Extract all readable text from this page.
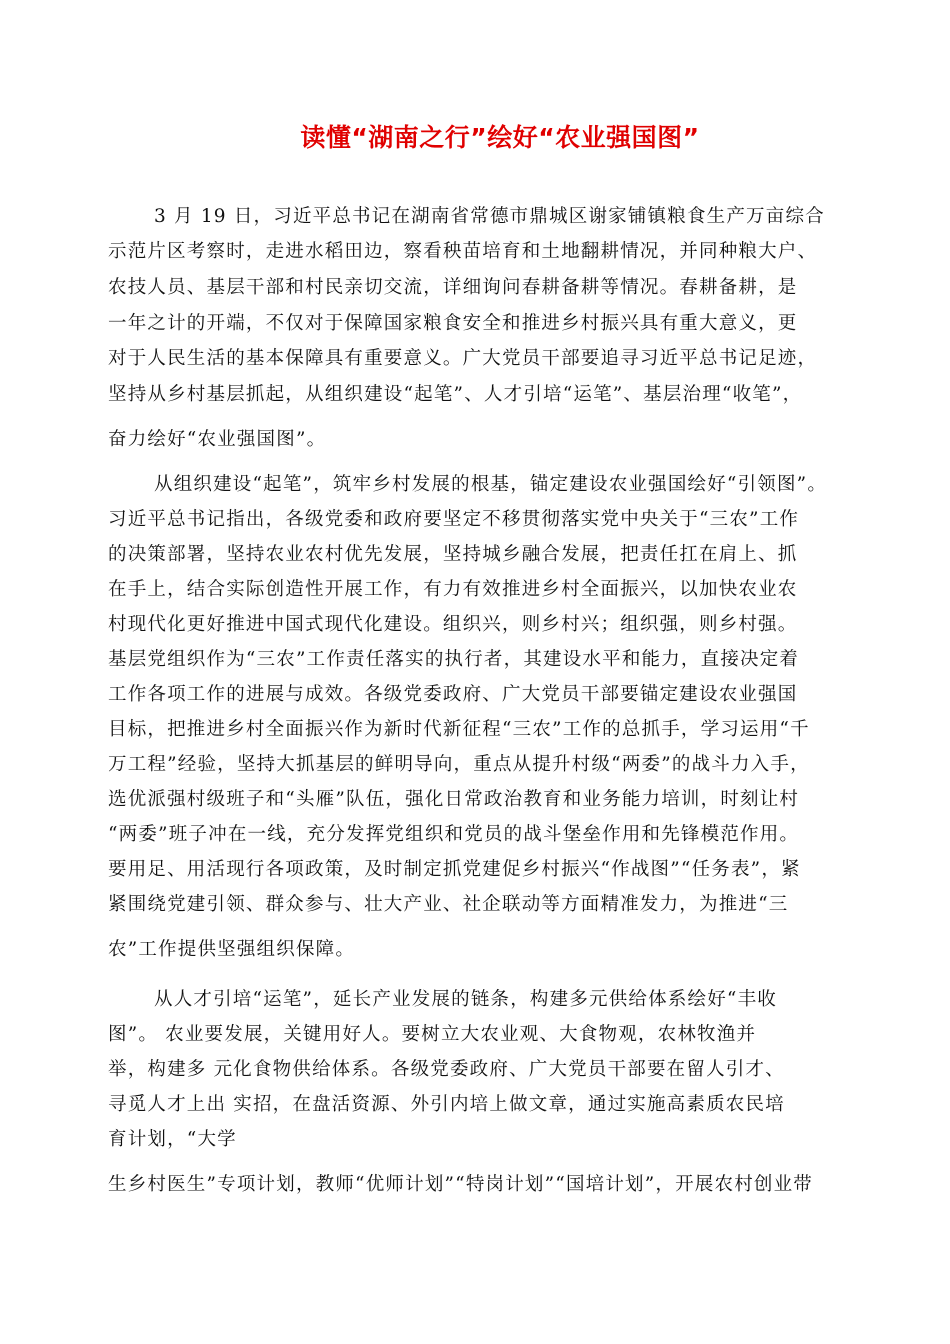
读懂“湖南之行”绘好“农业强国图”
3 月 19 日，习近平总书记在湖南省常德市鼎城区谢家铺镇粮食生产万亩综合
示范片区考察时，走进水稻田边，察看秧苗培育和土地翻耕情况，并同种粮大户、
农技人员、基层干部和村民亲切交流，详细询问春耕备耕等情况。春耕备耕，是
一年之计的开端，不仅对于保障国家粮食安全和推进乡村振兴具有重大意义，更
对于人民生活的基本保障具有重要意义。广大党员干部要追寻习近平总书记足迹，
坚持从乡村基层抓起，从组织建设“起笔”、人才引培“运笔”、基层治理“收笔”，
奋力绘好“农业强国图”。
从组织建设“起笔”，筑牢乡村发展的根基，锚定建设农业强国绘好“引领图”。
习近平总书记指出，各级党委和政府要坚定不移贯彻落实党中央关于“三农”工作
的决策部署，坚持农业农村优先发展，坚持城乡融合发展，把责任扛在肩上、抓
在手上，结合实际创造性开展工作，有力有效推进乡村全面振兴，以加快农业农
村现代化更好推进中国式现代化建设。组织兴，则乡村兴；组织强，则乡村强。
基层党组织作为“三农”工作责任落实的执行者，其建设水平和能力，直接决定着
工作各项工作的进展与成效。各级党委政府、广大党员干部要锚定建设农业强国
目标，把推进乡村全面振兴作为新时代新征程“三农”工作的总抓手，学习运用“千
万工程”经验，坚持大抓基层的鲜明导向，重点从提升村级“两委”的战斗力入手，
选优派强村级班子和“头雁”队伍，强化日常政治教育和业务能力培训，时刻让村
“两委”班子冲在一线，充分发挥党组织和党员的战斗堡垒作用和先锋模范作用。
要用足、用活现行各项政策，及时制定抓党建促乡村振兴“作战图”“任务表”，紧
紧围绕党建引领、群众参与、壮大产业、社企联动等方面精准发力，为推进“三
农”工作提供坚强组织保障。
从人才引培“运笔”，延长产业发展的链条，构建多元供给体系绘好“丰收
图”。 农业要发展，关键用好人。要树立大农业观、大食物观，农林牧渔并
举，构建多 元化食物供给体系。各级党委政府、广大党员干部要在留人引才、
寻觅人才上出 实招，在盘活资源、外引内培上做文章，通过实施高素质农民培
育计划，“大学
生乡村医生”专项计划，教师“优师计划”“特岗计划”“国培计划”，开展农村创业带
